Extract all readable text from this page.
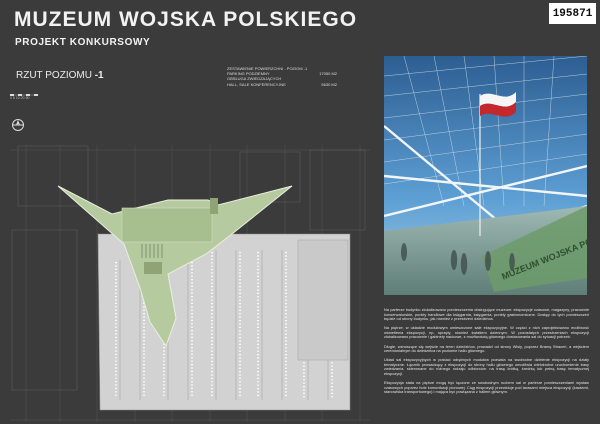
MUZEUM WOJSKA POLSKIEGO
PROJEKT KONKURSOWY
195871
RZUT POZIOMU -1
ZESTAWIENIE POWIERZCHNI - POZIOM -1
PARKING PODZIEMNY	17050 M2
OBSŁUGA ZWIEDZAJĄCYCH
HALL, SALE KONFERENCYJNE	5630 M2
0 5 10 20 50

Na parterze budynku zlokalizowano pomieszczenia obsługujące muzeum: ekspozycje czasowe, magazyny, pracownie konserwatorskie, punkty handlowe dla księgarnia, księgarnia, punkty gastronomiczne. Dostęp do tych pomieszczeń będzie od strony budynku, jak również z przestrzeni dziedzińca.

Na piętrze, w układzie modułowym umieszczone sale ekspozycyjne. W części z nich zaprojektowano możliwość oświetlenia ekspozycji, np. sprzęty, również światłem dziennym. W pozostałych przestrzeniach ekspozycji zlokalizowano pracownie i gabinety naukowe, z możliwością głównego dostosowania sal do sytuacji potrzeb.

Długie, wznoszące się wejście na teren dziedzińca, prowadzi od strony Wisły, poprzez Bramę Straceń, a wejściem ceremonialnym do dziedzińca na poziomie hallu głównego.

Układ sal ekspozycyjnych w postaci odrębnych modułów pozwala na swobodne dzielenie ekspozycji na działy tematyczne. Łącznik prowadzący z ekspozycji do strony hallu głównego umożliwia wielokrotne uruchomienie trasy zwiedzania, skierowane do różnego rodzaju odbiorców: na trasę krótką, średnią lub pełną trasę tematycznej ekspozycji.

Ekspozycja stała na piętrze mogą być łączone ze swobodnym ruchem sal w parterze pomieszczeniami wystaw czasowych poprzez hole komunikacji pionowej. Ciąg ekspozycji przewiduje pod tarasami miejsca ekspozycji (kawiarni, stanowiska transportowego) i mająca być powiązana z hallem głównym.
